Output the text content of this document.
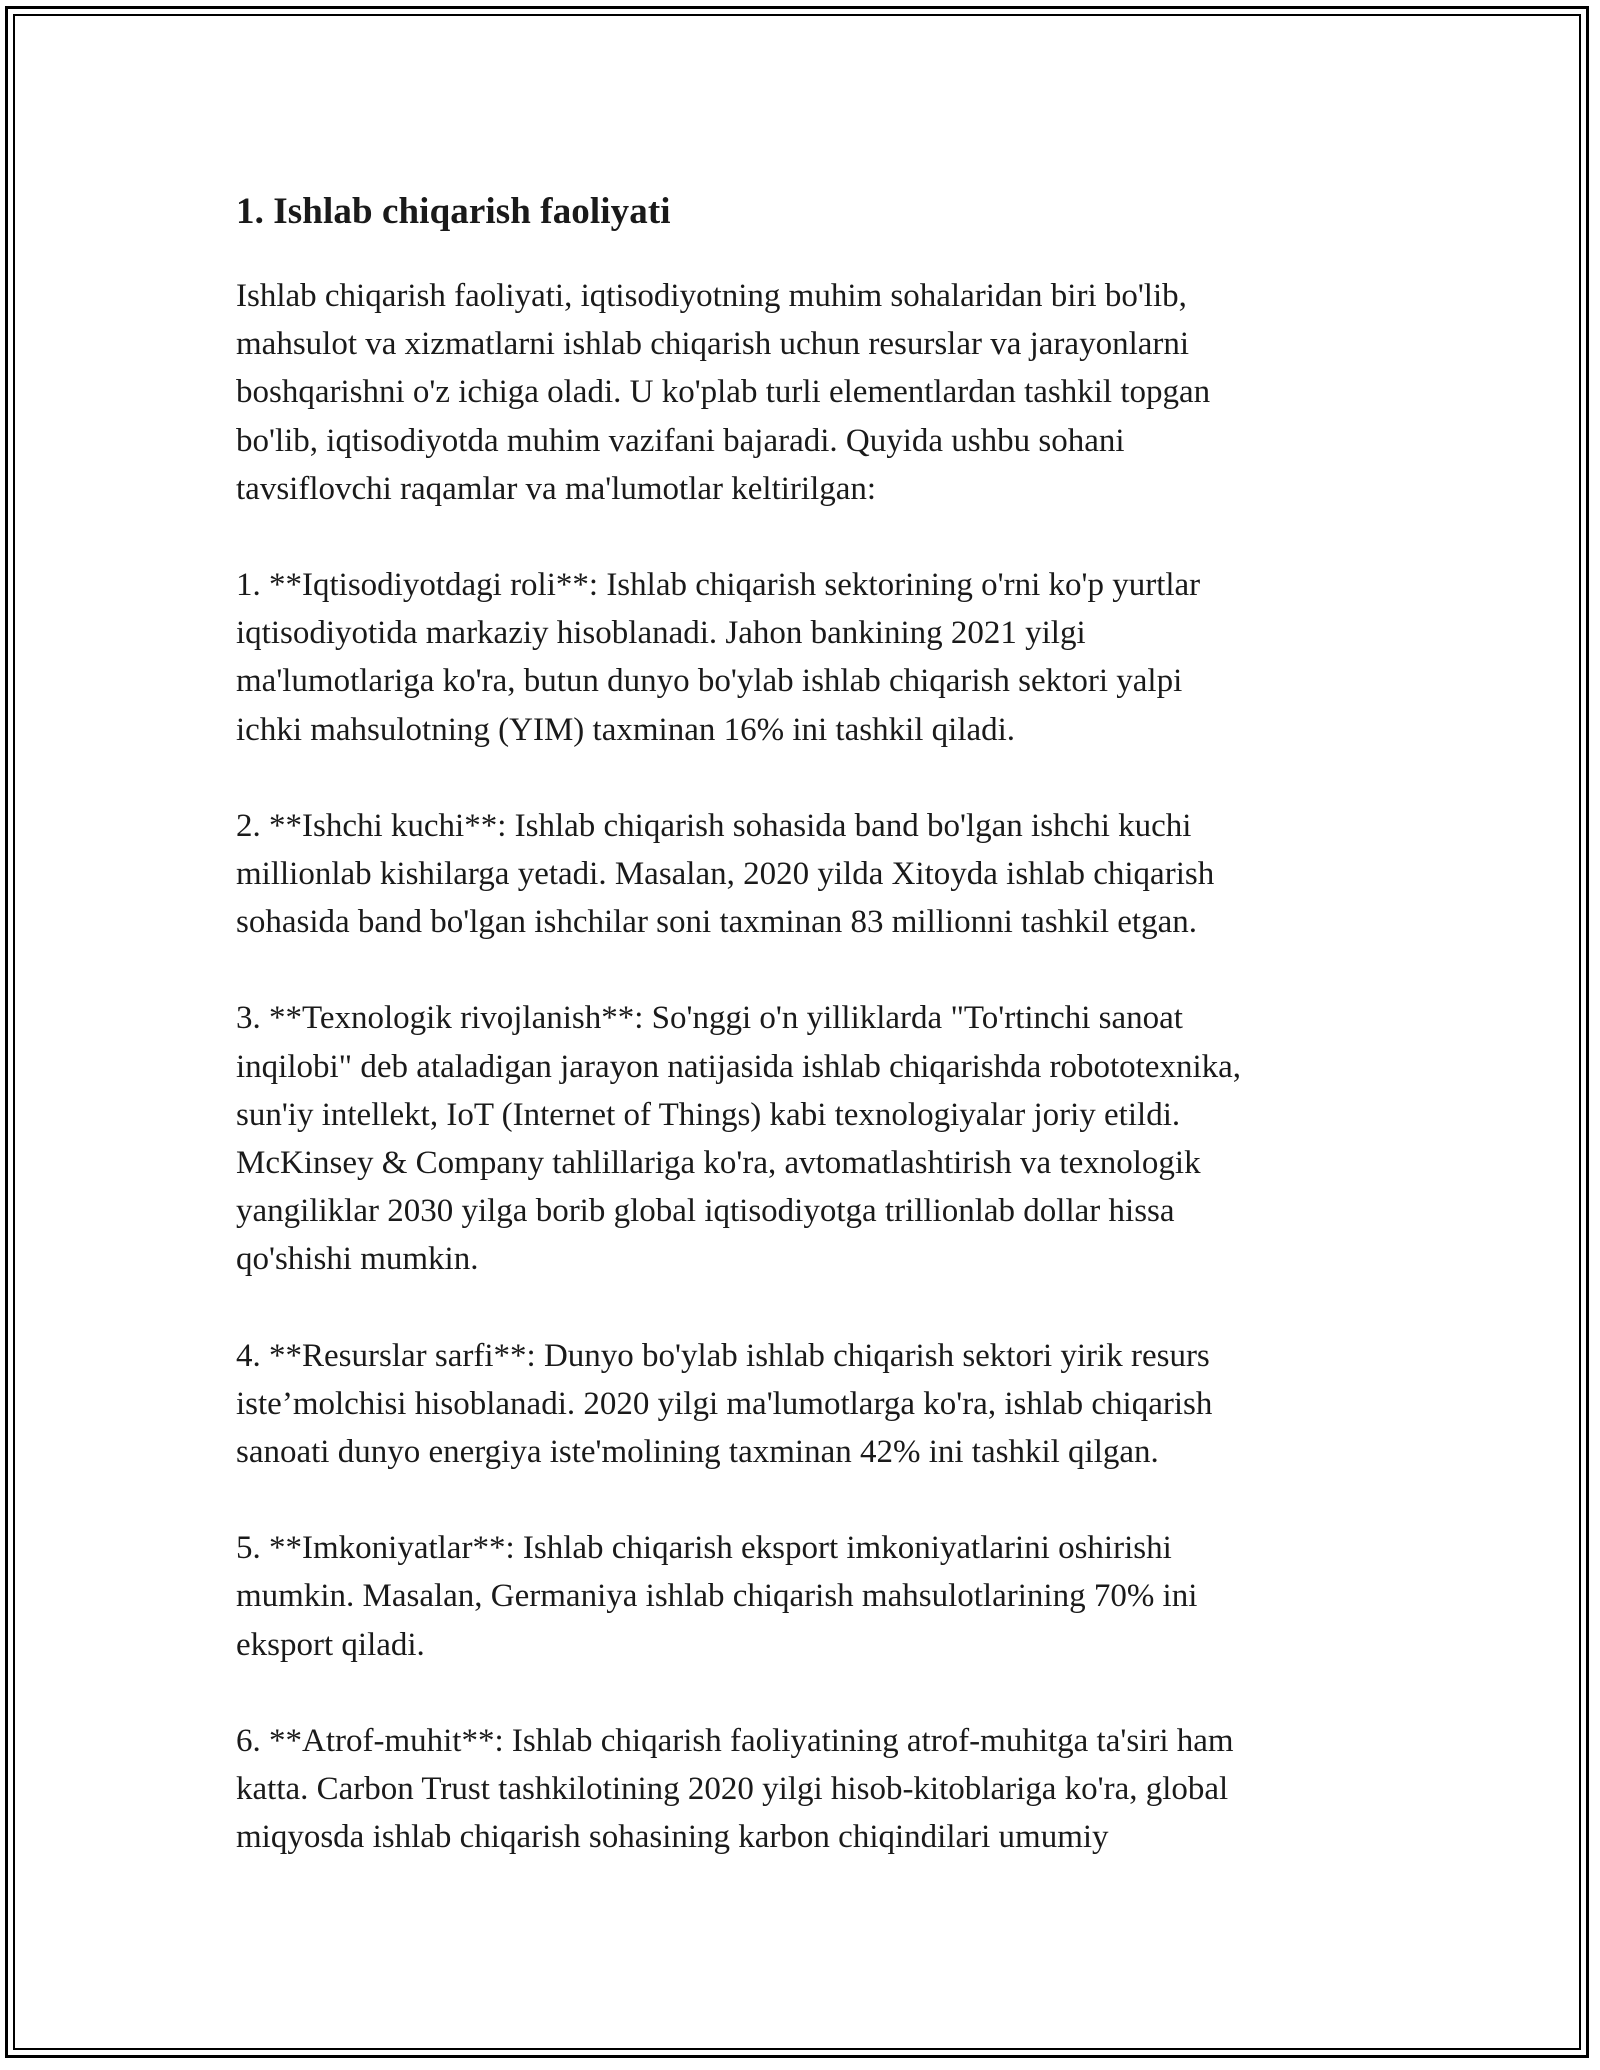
1. Ishlab chiqarish faoliyati

Ishlab chiqarish faoliyati, iqtisodiyotning muhim sohalaridan biri bo'lib,
mahsulot va xizmatlarni ishlab chiqarish uchun resurslar va jarayonlarni
boshqarishni o'z ichiga oladi. U ko'plab turli elementlardan tashkil topgan
bo'lib, iqtisodiyotda muhim vazifani bajaradi. Quyida ushbu sohani
tavsiflovchi raqamlar va ma'lumotlar keltirilgan:

1. **Iqtisodiyotdagi roli**: Ishlab chiqarish sektorining o'rni ko'p yurtlar
iqtisodiyotida markaziy hisoblanadi. Jahon bankining 2021 yilgi
ma'lumotlariga ko'ra, butun dunyo bo'ylab ishlab chiqarish sektori yalpi
ichki mahsulotning (YIM) taxminan 16% ini tashkil qiladi.

2. **Ishchi kuchi**: Ishlab chiqarish sohasida band bo'lgan ishchi kuchi
millionlab kishilarga yetadi. Masalan, 2020 yilda Xitoyda ishlab chiqarish
sohasida band bo'lgan ishchilar soni taxminan 83 millionni tashkil etgan.

3. **Texnologik rivojlanish**: So'nggi o'n yilliklarda "To'rtinchi sanoat
inqilobi" deb ataladigan jarayon natijasida ishlab chiqarishda robototexnika,
sun'iy intellekt, IoT (Internet of Things) kabi texnologiyalar joriy etildi.
McKinsey & Company tahlillariga ko'ra, avtomatlashtirish va texnologik
yangiliklar 2030 yilga borib global iqtisodiyotga trillionlab dollar hissa
qo'shishi mumkin.

4. **Resurslar sarfi**: Dunyo bo'ylab ishlab chiqarish sektori yirik resurs
iste’molchisi hisoblanadi. 2020 yilgi ma'lumotlarga ko'ra, ishlab chiqarish
sanoati dunyo energiya iste'molining taxminan 42% ini tashkil qilgan.

5. **Imkoniyatlar**: Ishlab chiqarish eksport imkoniyatlarini oshirishi
mumkin. Masalan, Germaniya ishlab chiqarish mahsulotlarining 70% ini
eksport qiladi.

6. **Atrof-muhit**: Ishlab chiqarish faoliyatining atrof-muhitga ta'siri ham
katta. Carbon Trust tashkilotining 2020 yilgi hisob-kitoblariga ko'ra, global
miqyosda ishlab chiqarish sohasining karbon chiqindilari umumiy
